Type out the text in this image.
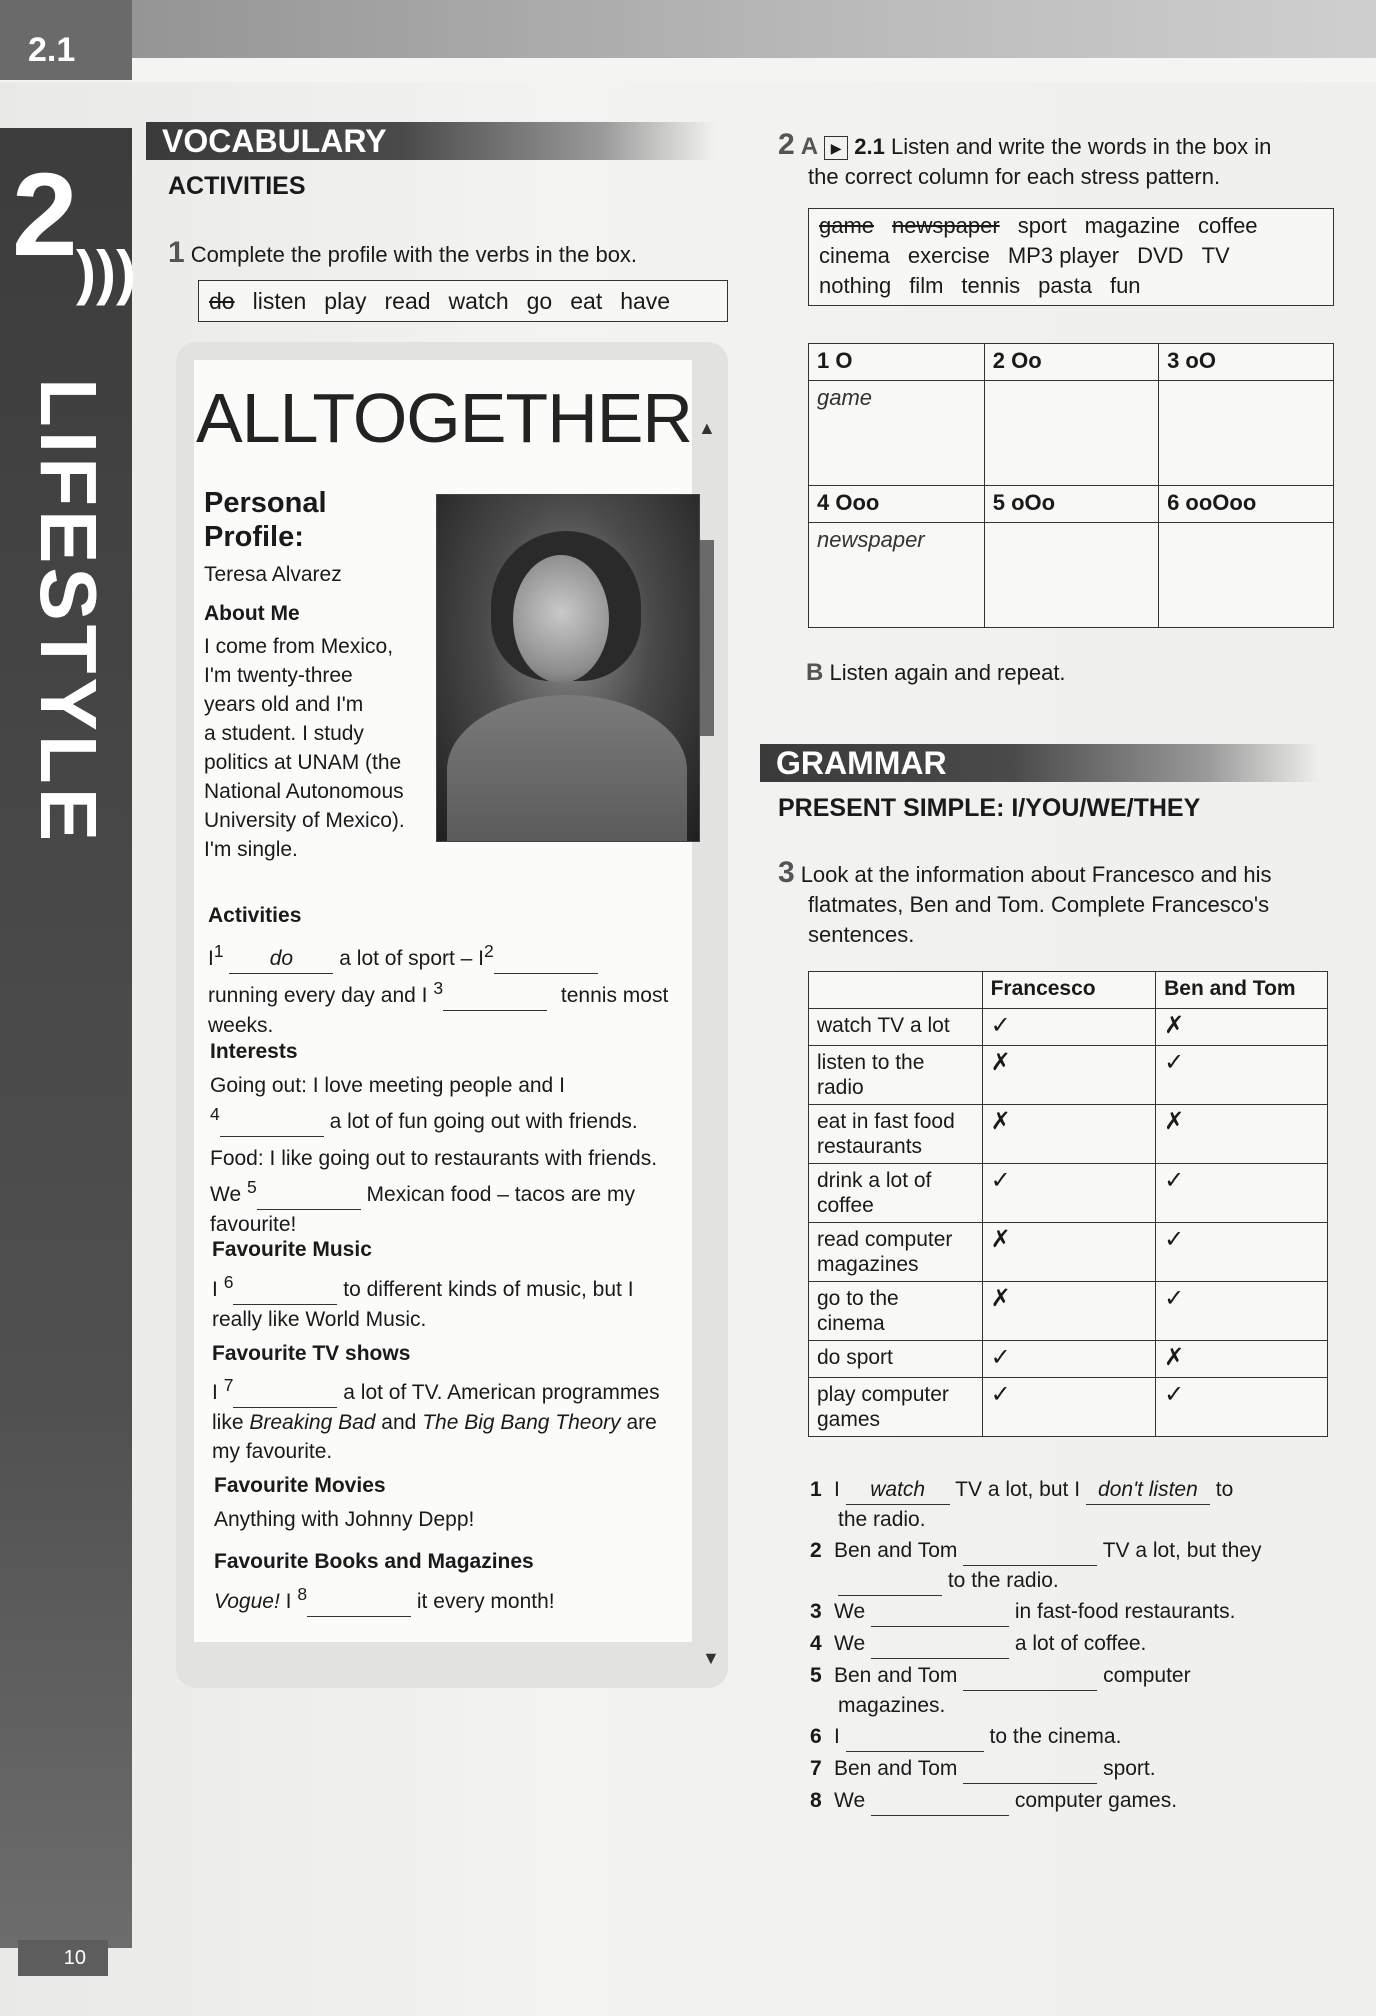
2.1
2
)))
LIFESTYLE
10
VOCABULARY
ACTIVITIES
1 Complete the profile with the verbs in the box.
do listen play read watch go eat have
▲
▼
ALLTOGETHER
Personal
Profile:
Teresa Alvarez
About Me
I come from Mexico,
I'm twenty-three
years old and I'm
a student. I study
politics at UNAM (the
National Autonomous
University of Mexico).
I'm single.
Activities
$I^1$ do a lot of sport – $I^2$
running every day and I $^3$	tennis most
weeks.
Interests
Going out: I love meeting people and I
$^4$	a lot of fun going out with friends.
Food: I like going out to restaurants with friends.
We $^5$	Mexican food – tacos are my
favourite!
Favourite Music
I $^6$	to different kinds of music, but I
really like World Music.
Favourite TV shows
I $^7$	a lot of TV. American programmes
like Breaking Bad and The Big Bang Theory are
my favourite.
Favourite Movies
Anything with Johnny Depp!
Favourite Books and Magazines
Vogue! I $^8$	it every month!
2 A ▶ 2.1 Listen and write the words in the box in
the correct column for each stress pattern.
game newspaper sport magazine coffee
cinema exercise MP3 player DVD TV
nothing film tennis pasta fun
1 O	2 Oo	3 oO
game		
4 Ooo	5 oOo	6 ooOoo
newspaper		
B Listen again and repeat.
GRAMMAR
PRESENT SIMPLE: I/YOU/WE/THEY
3 Look at the information about Francesco and his
flatmates, Ben and Tom. Complete Francesco's
sentences.
	Francesco	Ben and Tom

watch TV a lot	✓	✗

listen to the
radio	✗	✓

eat in fast food
restaurants	✗	✗

drink a lot of
coffee	✓	✓

read computer
magazines	✗	✓

go to the
cinema	✗	✓

do sport	✓	✗

play computer
games	✓	✓
1 I watch TV a lot, but I don't listen to
the radio.
2 Ben and Tom	TV a lot, but they
to the radio.
3 We	in fast-food restaurants.
4 We	a lot of coffee.
5 Ben and Tom	computer
magazines.
6 I	to the cinema.
7 Ben and Tom	sport.
8 We	computer games.
